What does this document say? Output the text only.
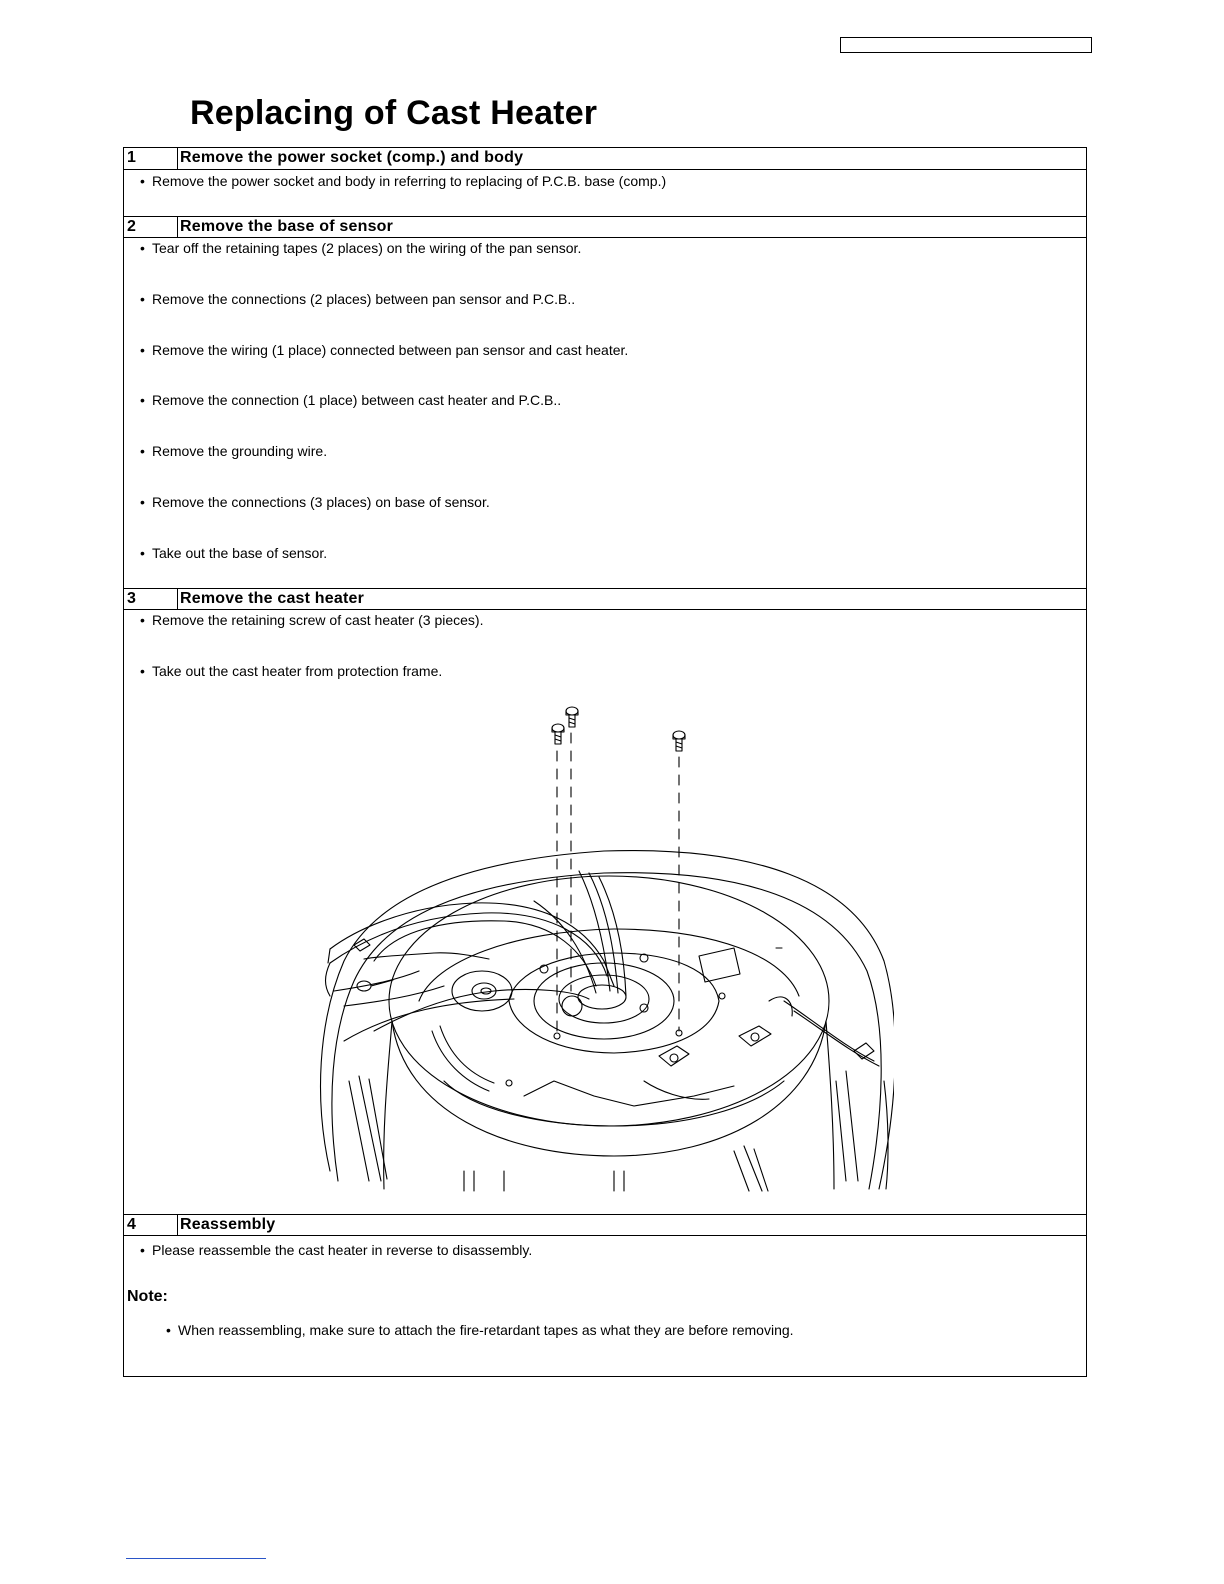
Replacing of Cast Heater
1	Remove the power socket (comp.) and body
• Remove the power socket and body in referring to replacing of P.C.B. base (comp.)
2	Remove the base of sensor
• Tear off the retaining tapes (2 places) on the wiring of the pan sensor.
• Remove the connections (2 places) between pan sensor and P.C.B..
• Remove the wiring (1 place) connected between pan sensor and cast heater.
• Remove the connection (1 place) between cast heater and P.C.B..
• Remove the grounding wire.
• Remove the connections (3 places) on base of sensor.
• Take out the base of sensor.
3	Remove the cast heater
• Remove the retaining screw of cast heater (3 pieces).
• Take out the cast heater from protection frame.
4	Reassembly
• Please reassemble the cast heater in reverse to disassembly.
Note:
• When reassembling, make sure to attach the fire-retardant tapes as what they are before removing.
